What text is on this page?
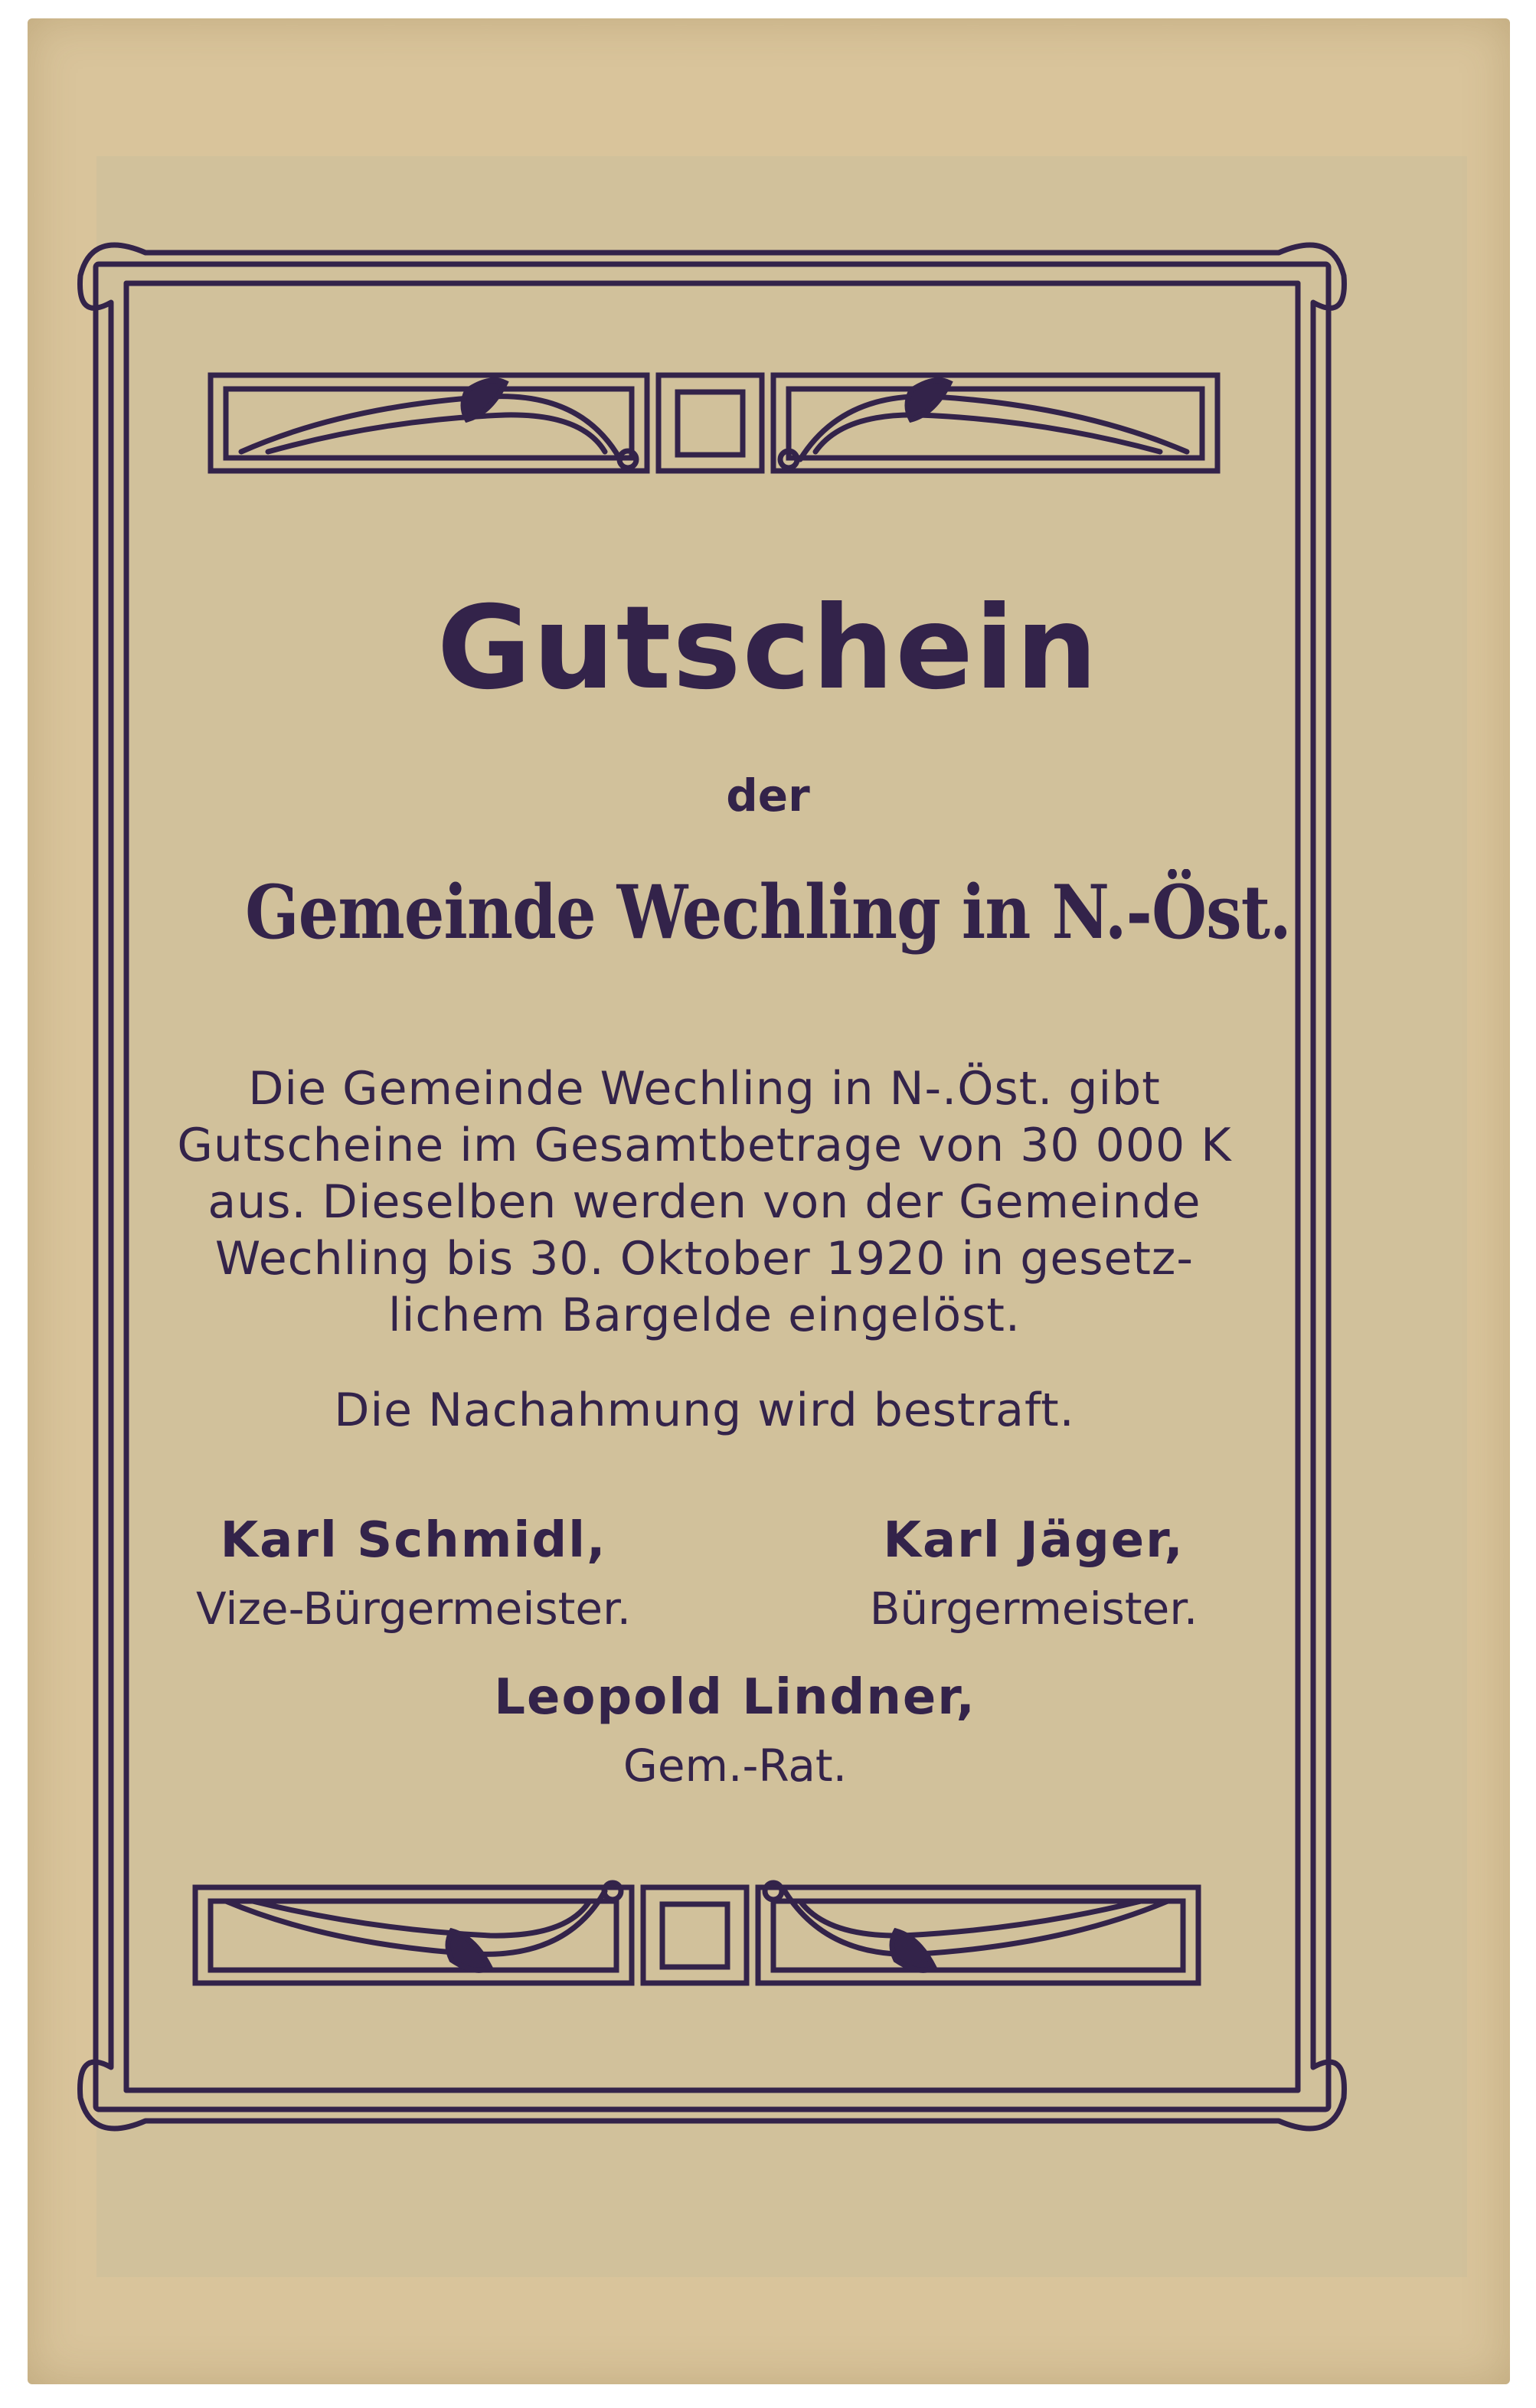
Gutschein
der
Gemeinde Wechling in N.-Öst.
Die Gemeinde Wechling in N-.Öst. gibt
Gutscheine im Gesamtbetrage von 30 000 K
aus. Dieselben werden von der Gemeinde
Wechling bis 30. Oktober 1920 in gesetz-
lichem Bargelde eingelöst.
Die Nachahmung wird bestraft.
Karl Schmidl,
Vize-Bürgermeister.
Karl Jäger,
Bürgermeister.
Leopold Lindner,
Gem.-Rat.
